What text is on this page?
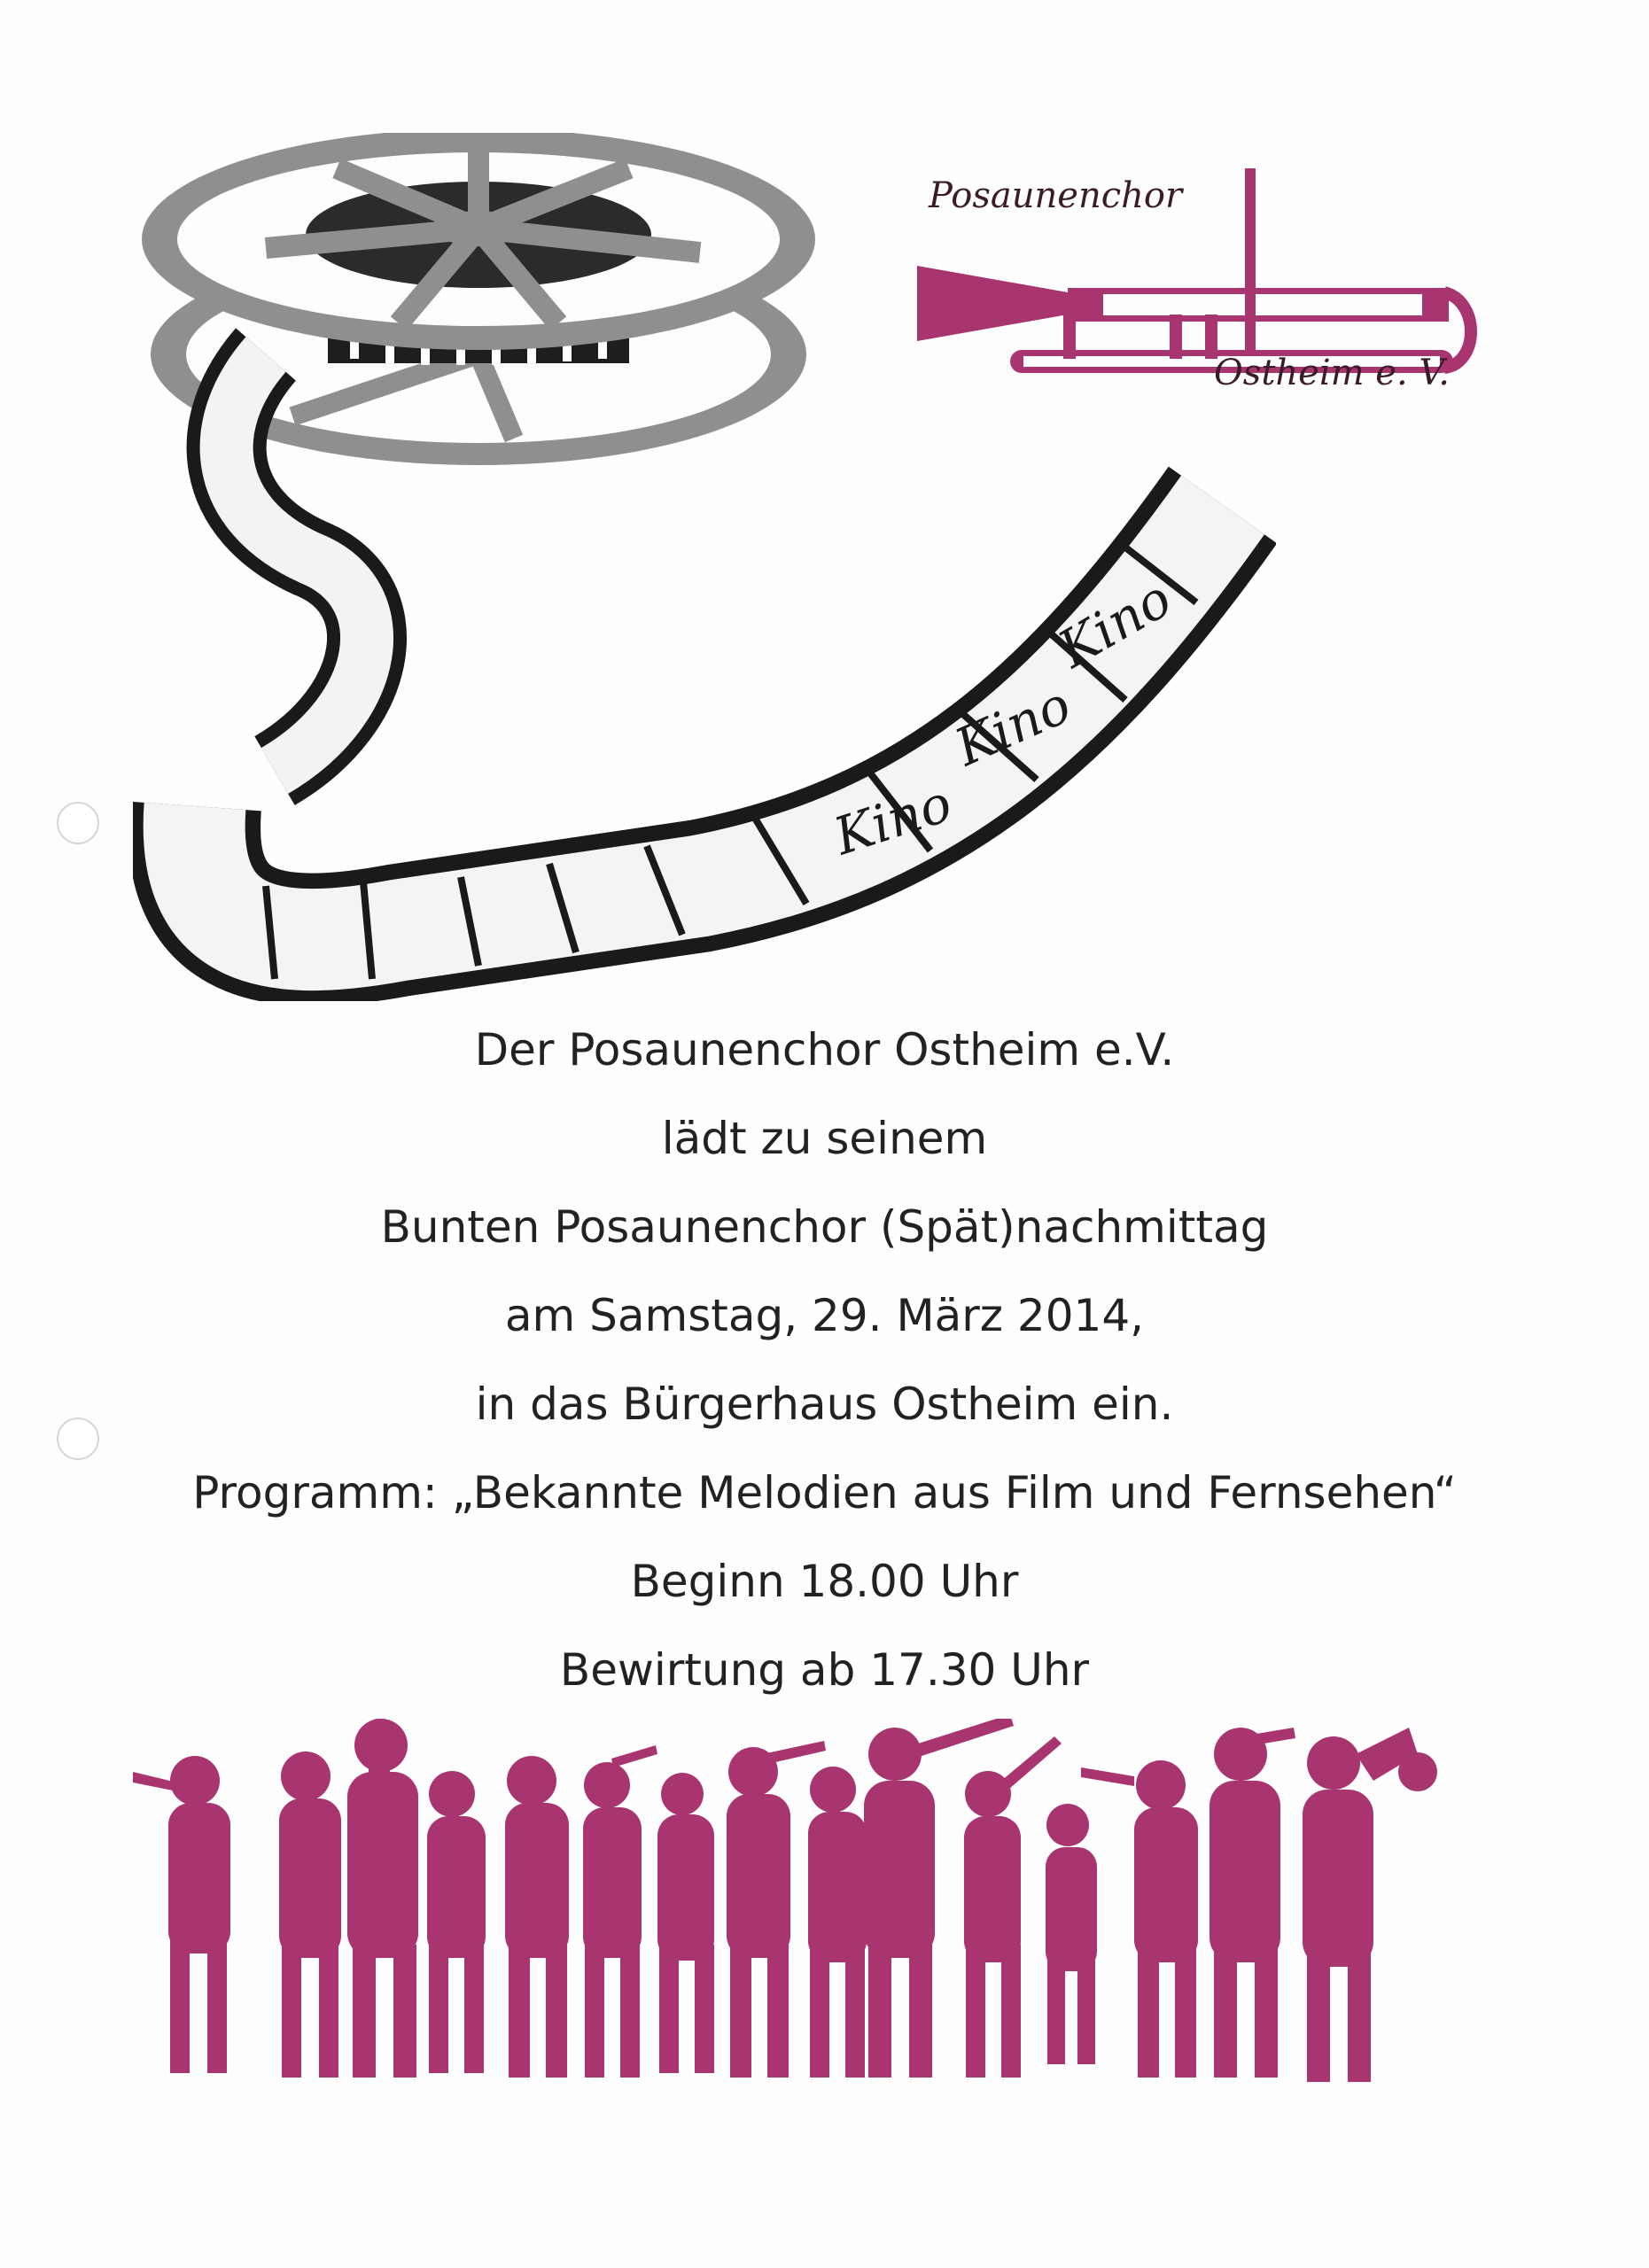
Kino
Kino
Kino
Posaunenchor
Ostheim e. V.
Der Posaunenchor Ostheim e.V.
lädt zu seinem
Bunten Posaunenchor (Spät)nachmittag
am Samstag, 29. März 2014,
in das Bürgerhaus Ostheim ein.
Programm: „Bekannte Melodien aus Film und Fernsehen“
Beginn 18.00 Uhr
Bewirtung ab 17.30 Uhr
